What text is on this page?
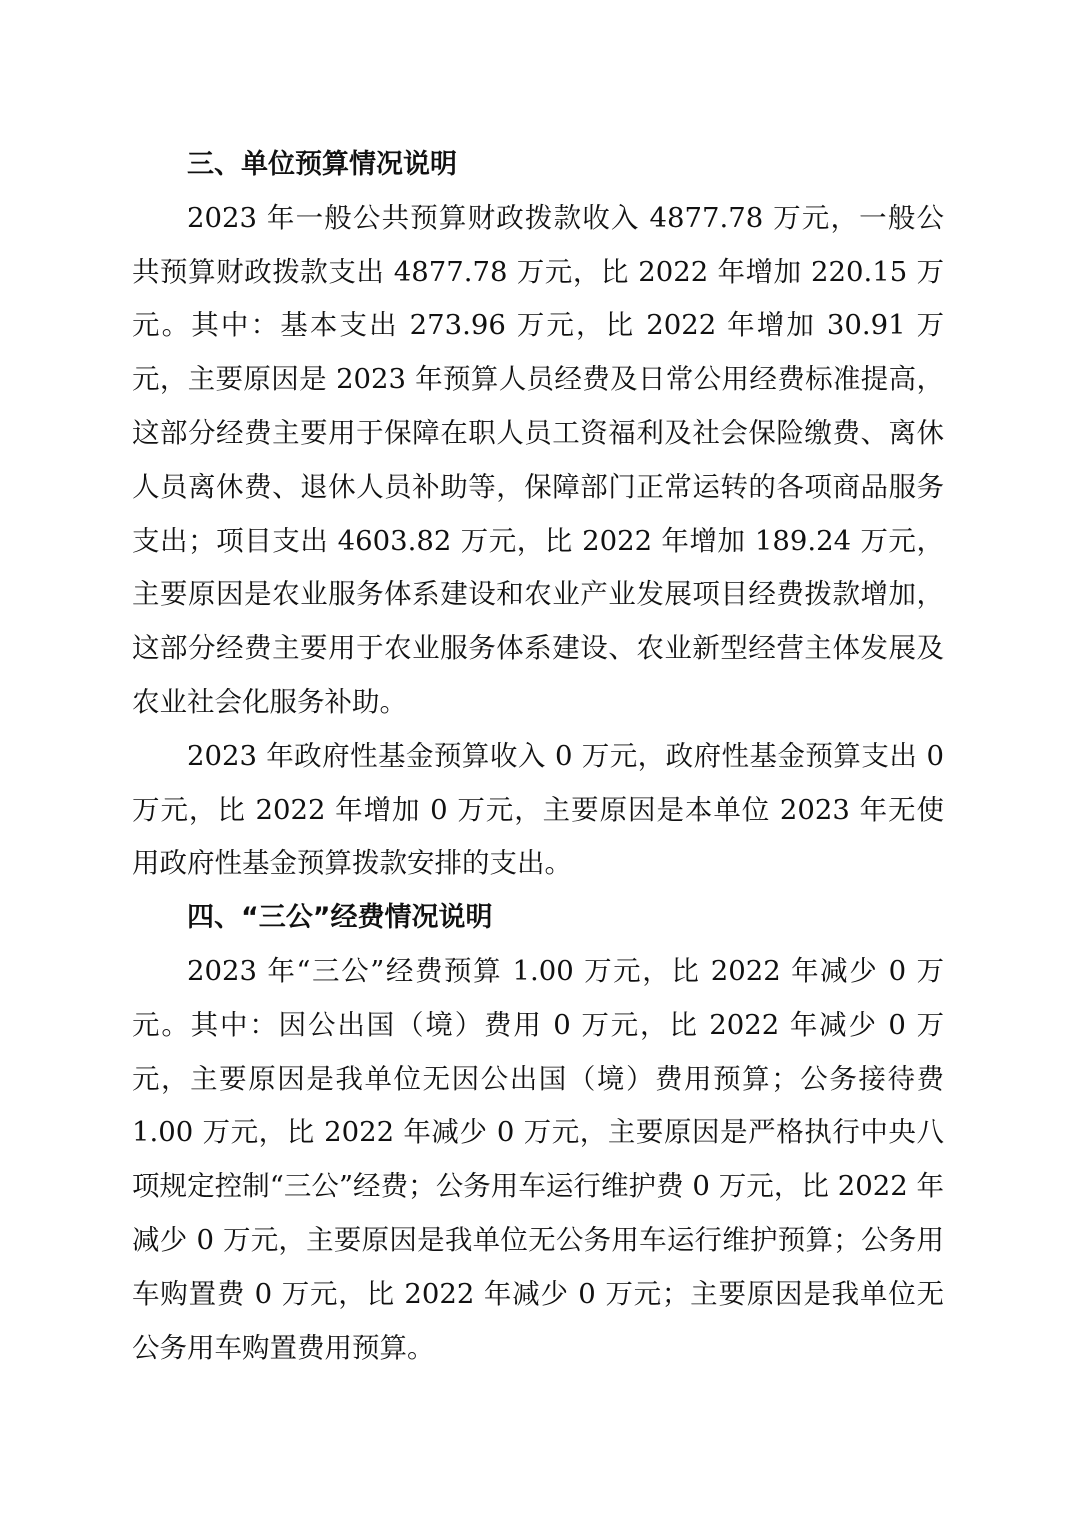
三、单位预算情况说明

2023 年一般公共预算财政拨款收入 4877.78 万元，一般公共预算财政拨款支出 4877.78 万元，比 2022 年增加 220.15 万元。其中：基本支出 273.96 万元，比 2022 年增加 30.91 万元，主要原因是 2023 年预算人员经费及日常公用经费标准提高，这部分经费主要用于保障在职人员工资福利及社会保险缴费、离休人员离休费、退休人员补助等，保障部门正常运转的各项商品服务支出；项目支出 4603.82 万元，比 2022 年增加 189.24 万元，主要原因是农业服务体系建设和农业产业发展项目经费拨款增加，这部分经费主要用于农业服务体系建设、农业新型经营主体发展及农业社会化服务补助。

2023 年政府性基金预算收入 0 万元，政府性基金预算支出 0 万元，比 2022 年增加 0 万元，主要原因是本单位 2023 年无使用政府性基金预算拨款安排的支出。

四、“三公”经费情况说明

2023 年“三公”经费预算 1.00 万元，比 2022 年减少 0 万元。其中：因公出国（境）费用 0 万元，比 2022 年减少 0 万元，主要原因是我单位无因公出国（境）费用预算；公务接待费 1.00 万元，比 2022 年减少 0 万元，主要原因是严格执行中央八项规定控制“三公”经费；公务用车运行维护费 0 万元，比 2022 年减少 0 万元，主要原因是我单位无公务用车运行维护预算；公务用车购置费 0 万元，比 2022 年减少 0 万元；主要原因是我单位无公务用车购置费用预算。
